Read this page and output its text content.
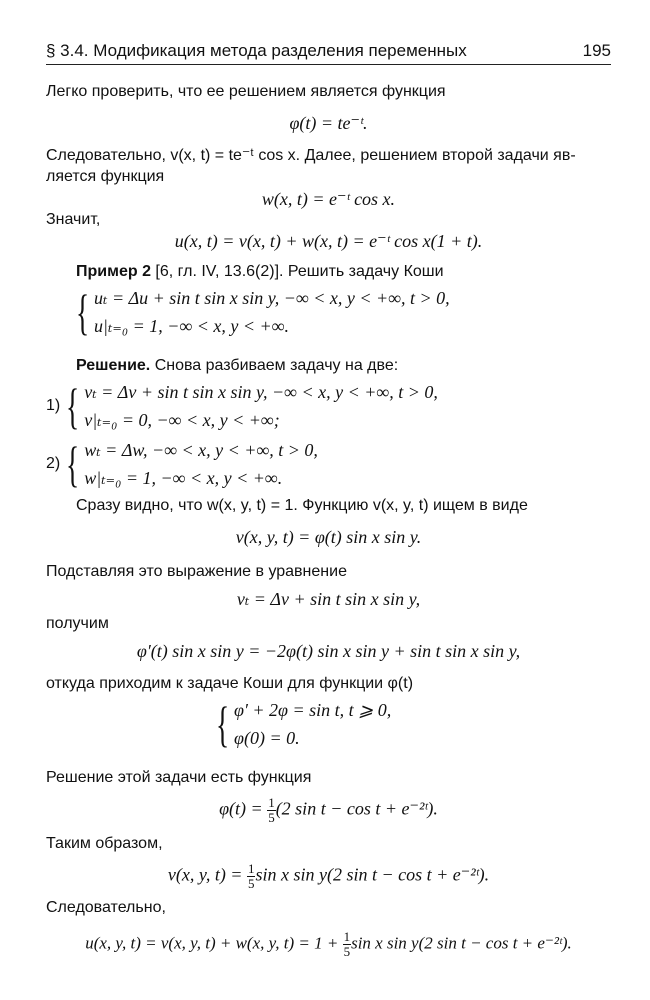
§ 3.4. Модификация метода разделения переменных	195
Легко проверить, что ее решением является функция
φ(t) = te⁻ᵗ.
Следовательно, v(x, t) = te⁻ᵗ cos x. Далее, решением второй задачи яв-
ляется функция
w(x, t) = e⁻ᵗ cos x.
Значит,
u(x, t) = v(x, t) + w(x, t) = e⁻ᵗ cos x(1 + t).
Пример 2 [6, гл. IV, 13.6(2)]. Решить задачу Коши
{ uₜ = Δu + sin t sin x sin y, −∞ < x, y < +∞, t > 0,
u|ₜ₌₀ = 1, −∞ < x, y < +∞.
Решение. Снова разбиваем задачу на две:
1) { vₜ = Δv + sin t sin x sin y, −∞ < x, y < +∞, t > 0,
v|ₜ₌₀ = 0, −∞ < x, y < +∞;
2) { wₜ = Δw, −∞ < x, y < +∞, t > 0,
w|ₜ₌₀ = 1, −∞ < x, y < +∞.
Сразу видно, что w(x, y, t) = 1. Функцию v(x, y, t) ищем в виде
v(x, y, t) = φ(t) sin x sin y.
Подставляя это выражение в уравнение
vₜ = Δv + sin t sin x sin y,
получим
φ′(t) sin x sin y = −2φ(t) sin x sin y + sin t sin x sin y,
откуда приходим к задаче Коши для функции φ(t)
{ φ′ + 2φ = sin t, t ⩾ 0,
φ(0) = 0.
Решение этой задачи есть функция
$\varphi(t) = \frac{1}{5} (2$ sin t − cos t + e⁻²ᵗ).
Таким образом,
v(x, y, $t) = \frac{1}{5}$ sin x sin y(2 sin t − cos t + e⁻²ᵗ).
Следовательно,
u(x, y, t) = v(x, y, t) + w(x, y, $t) = 1 + \frac{1}{5}$ sin x sin y(2 sin t − cos t + e⁻²ᵗ).
